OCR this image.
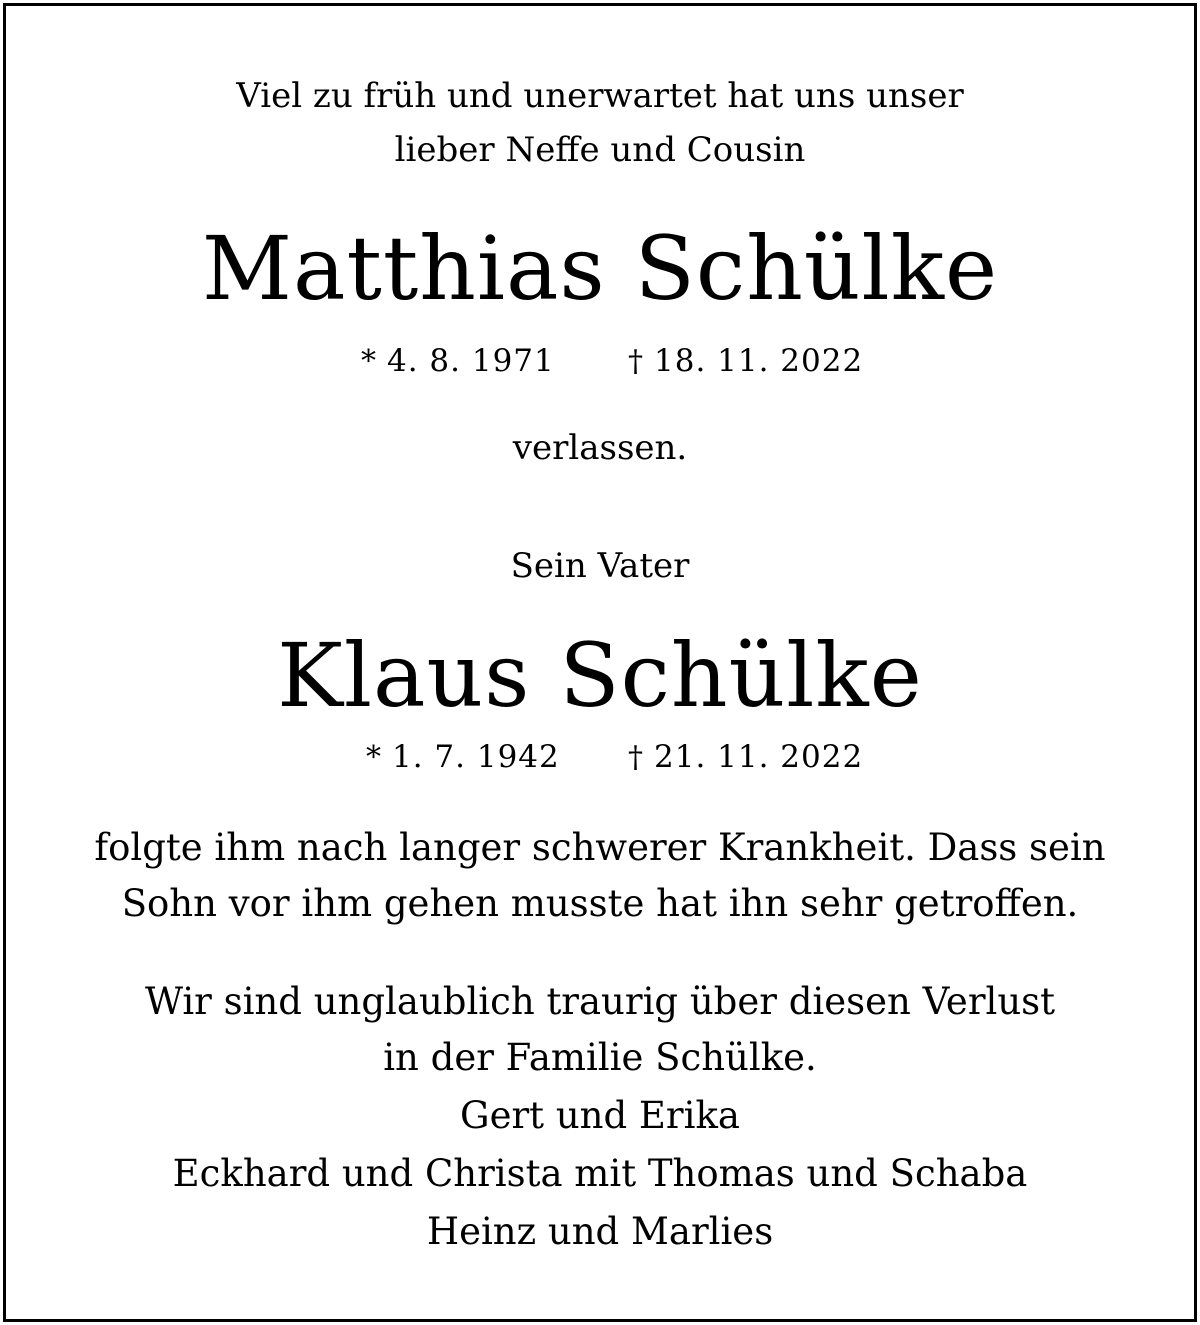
Viel zu früh und unerwartet hat uns unser
lieber Neffe und Cousin
Matthias Schülke
* 4. 8. 1971 † 18. 11. 2022
verlassen.
Sein Vater
Klaus Schülke
* 1. 7. 1942 † 21. 11. 2022
folgte ihm nach langer schwerer Krankheit. Dass sein
Sohn vor ihm gehen musste hat ihn sehr getroffen.
Wir sind unglaublich traurig über diesen Verlust
in der Familie Schülke.
Gert und Erika
Eckhard und Christa mit Thomas und Schaba
Heinz und Marlies
